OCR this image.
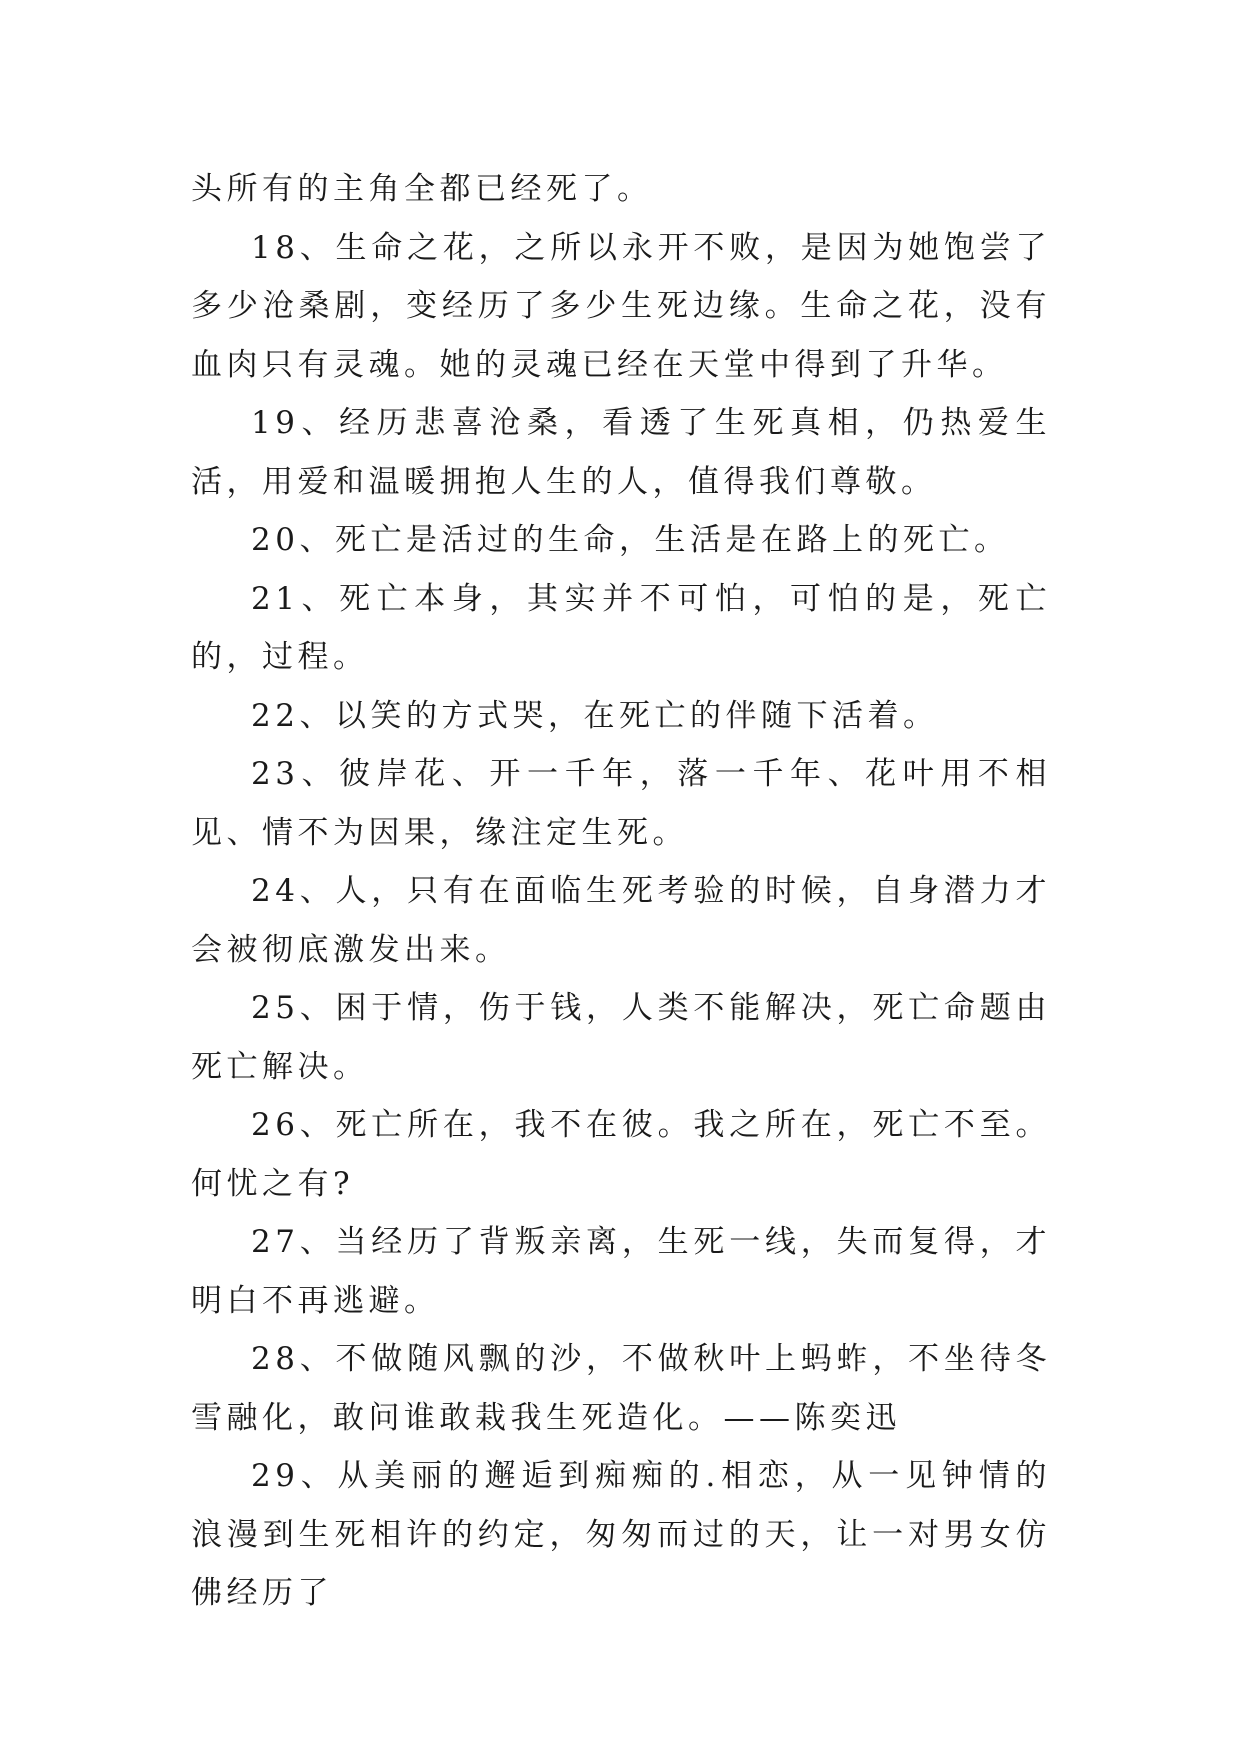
头所有的主角全都已经死了。

18、生命之花，之所以永开不败，是因为她饱尝了多少沧桑剧，变经历了多少生死边缘。生命之花，没有血肉只有灵魂。她的灵魂已经在天堂中得到了升华。

19、经历悲喜沧桑，看透了生死真相，仍热爱生活，用爱和温暖拥抱人生的人，值得我们尊敬。

20、死亡是活过的生命，生活是在路上的死亡。

21、死亡本身，其实并不可怕，可怕的是，死亡的，过程。

22、以笑的方式哭，在死亡的伴随下活着。

23、彼岸花、开一千年，落一千年、花叶用不相见、情不为因果，缘注定生死。

24、人，只有在面临生死考验的时候，自身潜力才会被彻底激发出来。

25、困于情，伤于钱，人类不能解决，死亡命题由死亡解决。

26、死亡所在，我不在彼。我之所在，死亡不至。何忧之有?

27、当经历了背叛亲离，生死一线，失而复得，才明白不再逃避。

28、不做随风飘的沙，不做秋叶上蚂蚱，不坐待冬雪融化，敢问谁敢栽我生死造化。——陈奕迅

29、从美丽的邂逅到痴痴的.相恋，从一见钟情的浪漫到生死相许的约定，匆匆而过的天，让一对男女仿佛经历了
